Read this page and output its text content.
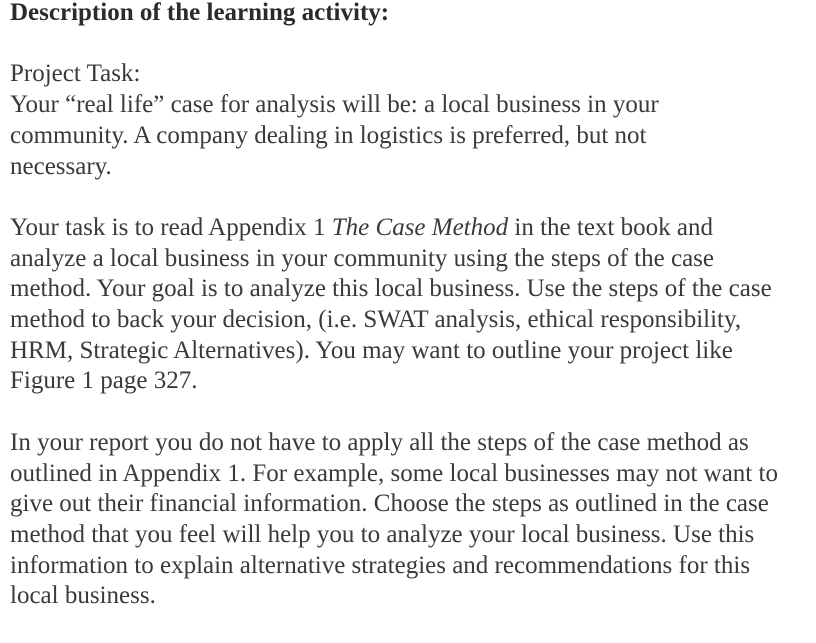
Description of the learning activity:

Project Task:

Your “real life” case for analysis will be: a local business in your community. A company dealing in logistics is preferred, but not necessary.

Your task is to read Appendix 1 The Case Method in the text book and analyze a local business in your community using the steps of the case method. Your goal is to analyze this local business. Use the steps of the case method to back your decision, (i.e. SWAT analysis, ethical responsibility, HRM, Strategic Alternatives). You may want to outline your project like Figure 1 page 327.

In your report you do not have to apply all the steps of the case method as outlined in Appendix 1. For example, some local businesses may not want to give out their financial information. Choose the steps as outlined in the case method that you feel will help you to analyze your local business. Use this information to explain alternative strategies and recommendations for this local business.
